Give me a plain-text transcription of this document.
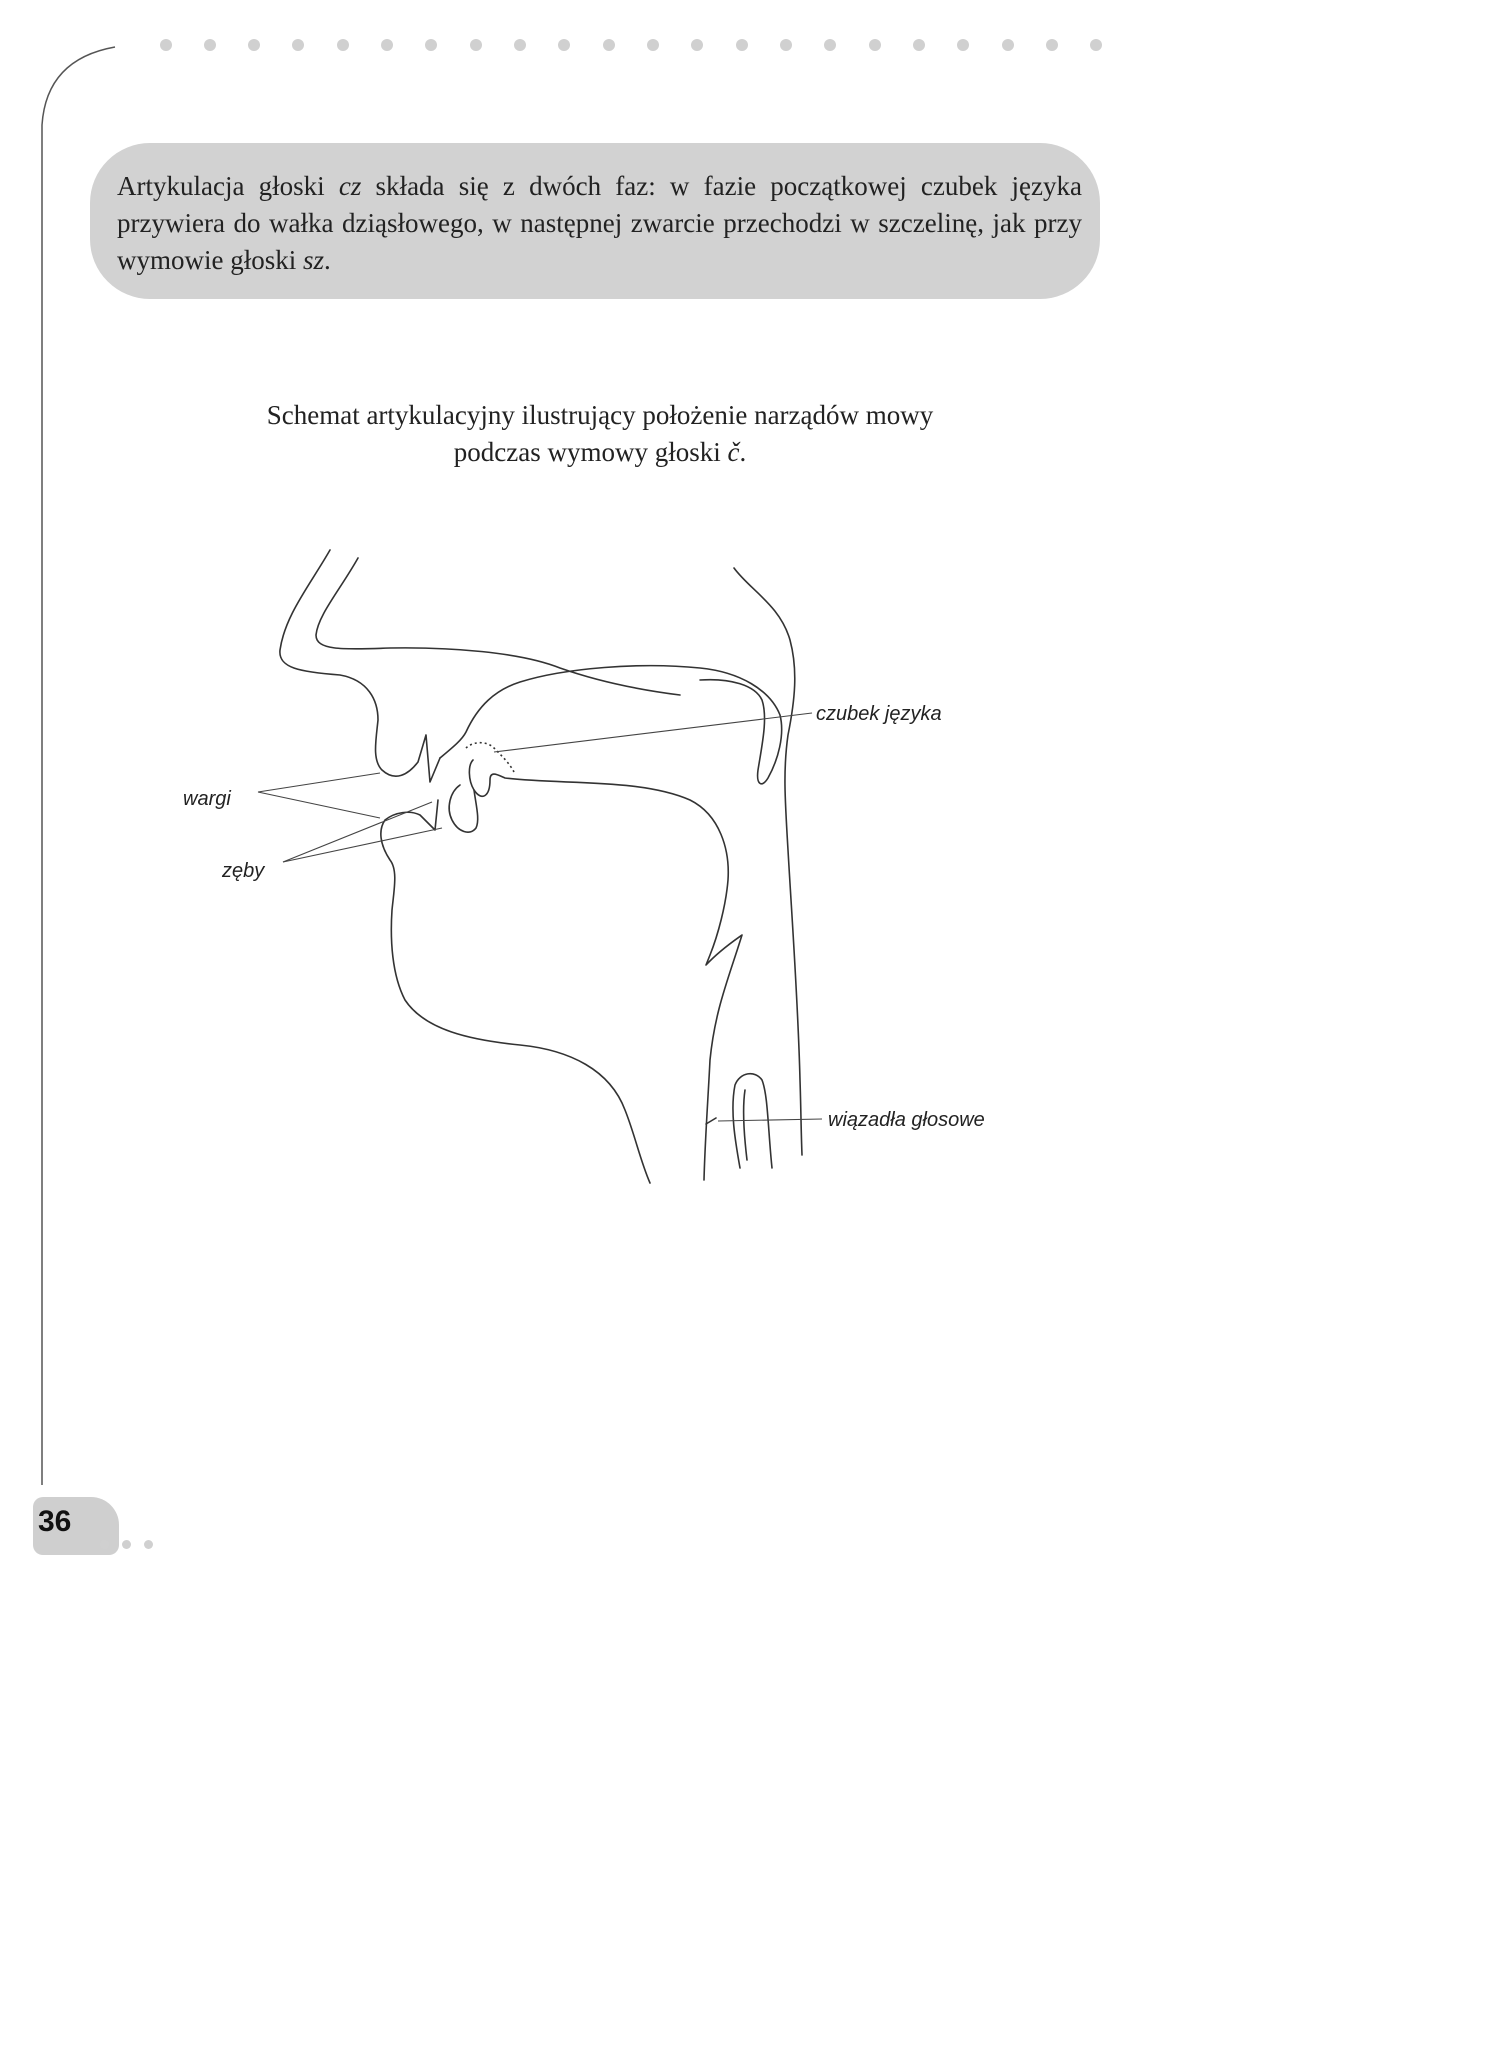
Artykulacja głoski cz składa się z dwóch faz: w fazie początkowej czubek języka przywiera do wałka dziąsłowego, w następnej zwarcie przechodzi w szczelinę, jak przy wymowie głoski sz.
Schemat artykulacyjny ilustrujący położenie narządów mowy
podczas wymowy głoski č.
czubek języka
wargi
zęby
wiązadła głosowe
36
